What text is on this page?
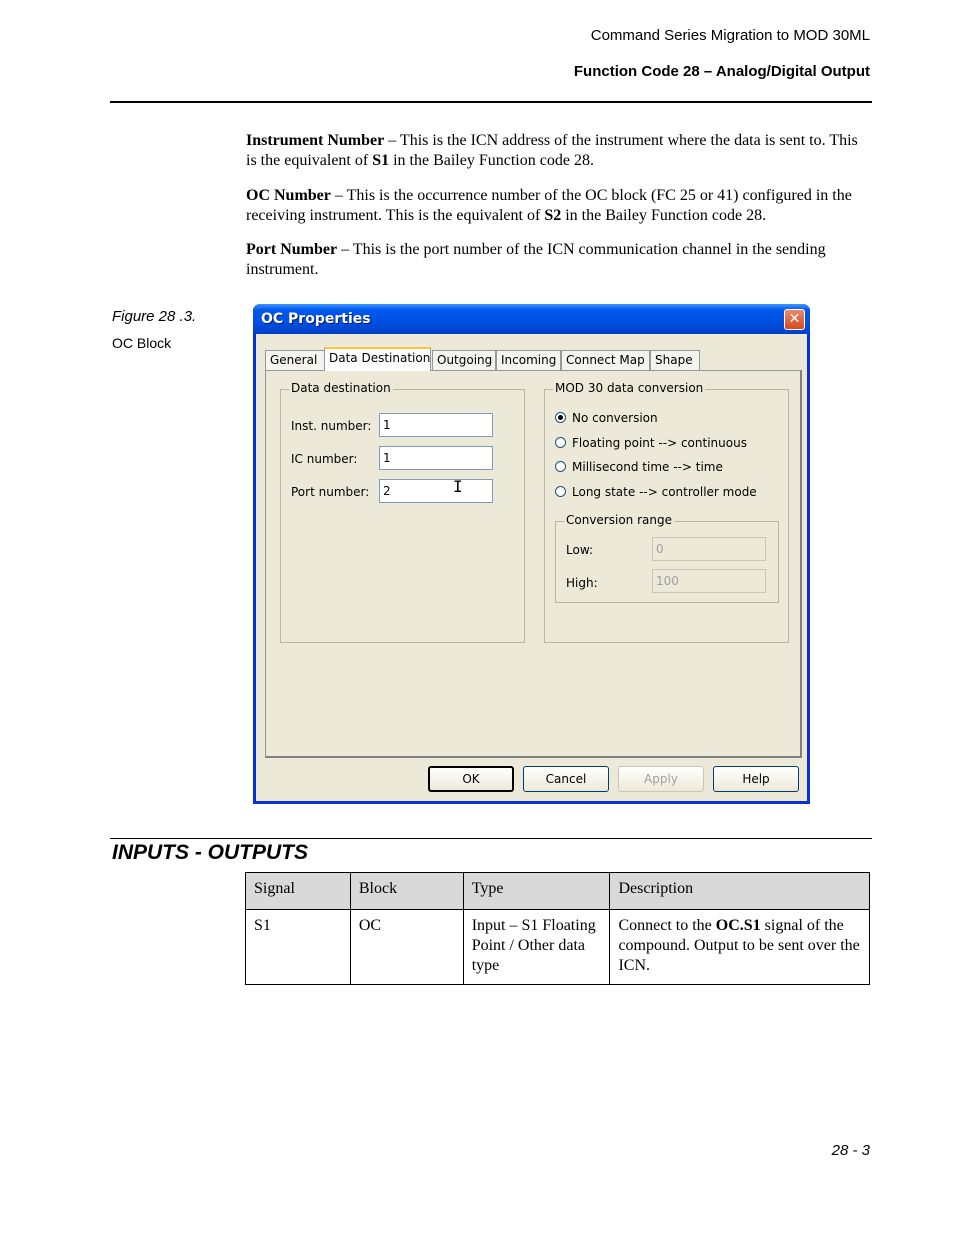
Command Series Migration to MOD 30ML
Function Code 28 – Analog/Digital Output

Instrument Number – This is the ICN address of the instrument where the data is sent to. This is the equivalent of S1 in the Bailey Function code 28.

OC Number – This is the occurrence number of the OC block (FC 25 or 41) configured in the receiving instrument. This is the equivalent of S2 in the Bailey Function code 28.

Port Number – This is the port number of the ICN communication channel in the sending instrument.

Figure 28 .3.
OC Block
OC Properties	✕
General Data Destination Outgoing Incoming Connect Map Shape
Data destination
Inst. number: 1
IC number:	1
Port number:	2	I
MOD 30 data conversion
No conversion
Floating point --> continuous
Millisecond time --> time
Long state --> controller mode
Conversion range
Low:	0
High:	100
OK	Cancel	Apply	Help
INPUTS - OUTPUTS
Signal	Block	Type	Description
S1	OC	Input – S1 Floating Point / Other data type	Connect to the OC.S1 signal of the compound. Output to be sent over the ICN.
28 - 3
